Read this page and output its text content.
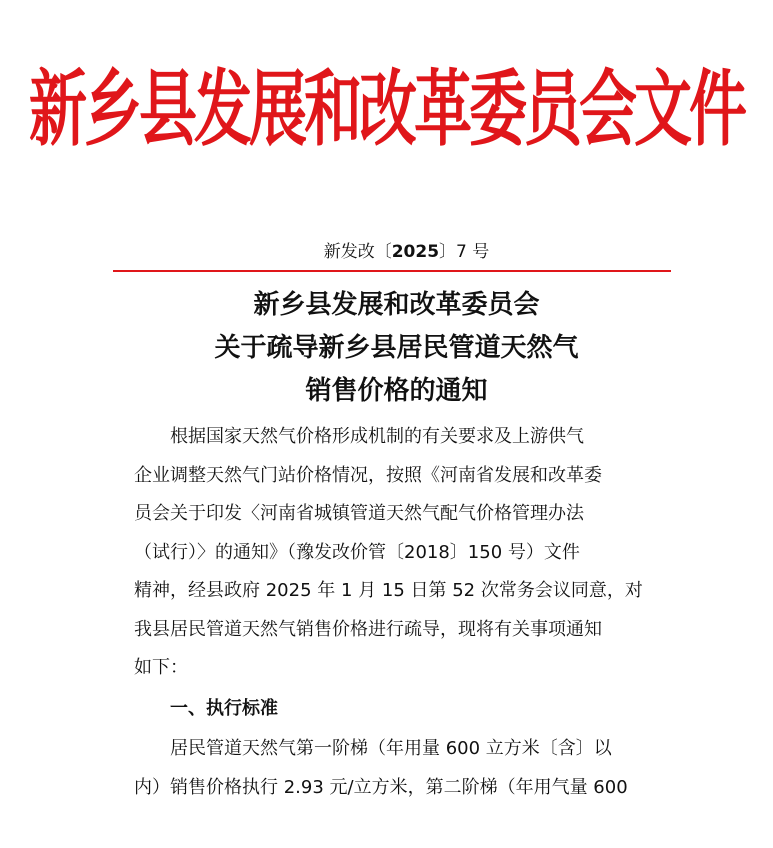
新乡县发展和改革委员会文件
新发改〔2025〕7 号
新乡县发展和改革委员会
关于疏导新乡县居民管道天然气
销售价格的通知
根据国家天然气价格形成机制的有关要求及上游供气
企业调整天然气门站价格情况，按照《河南省发展和改革委
员会关于印发〈河南省城镇管道天然气配气价格管理办法
（试行）〉的通知》（豫发改价管〔2018〕150 号）文件
精神，经县政府 2025 年 1 月 15 日第 52 次常务会议同意，对
我县居民管道天然气销售价格进行疏导，现将有关事项通知
如下：
一、执行标准
居民管道天然气第一阶梯（年用量 600 立方米〔含〕以
内）销售价格执行 2.93 元/立方米，第二阶梯（年用气量 600
